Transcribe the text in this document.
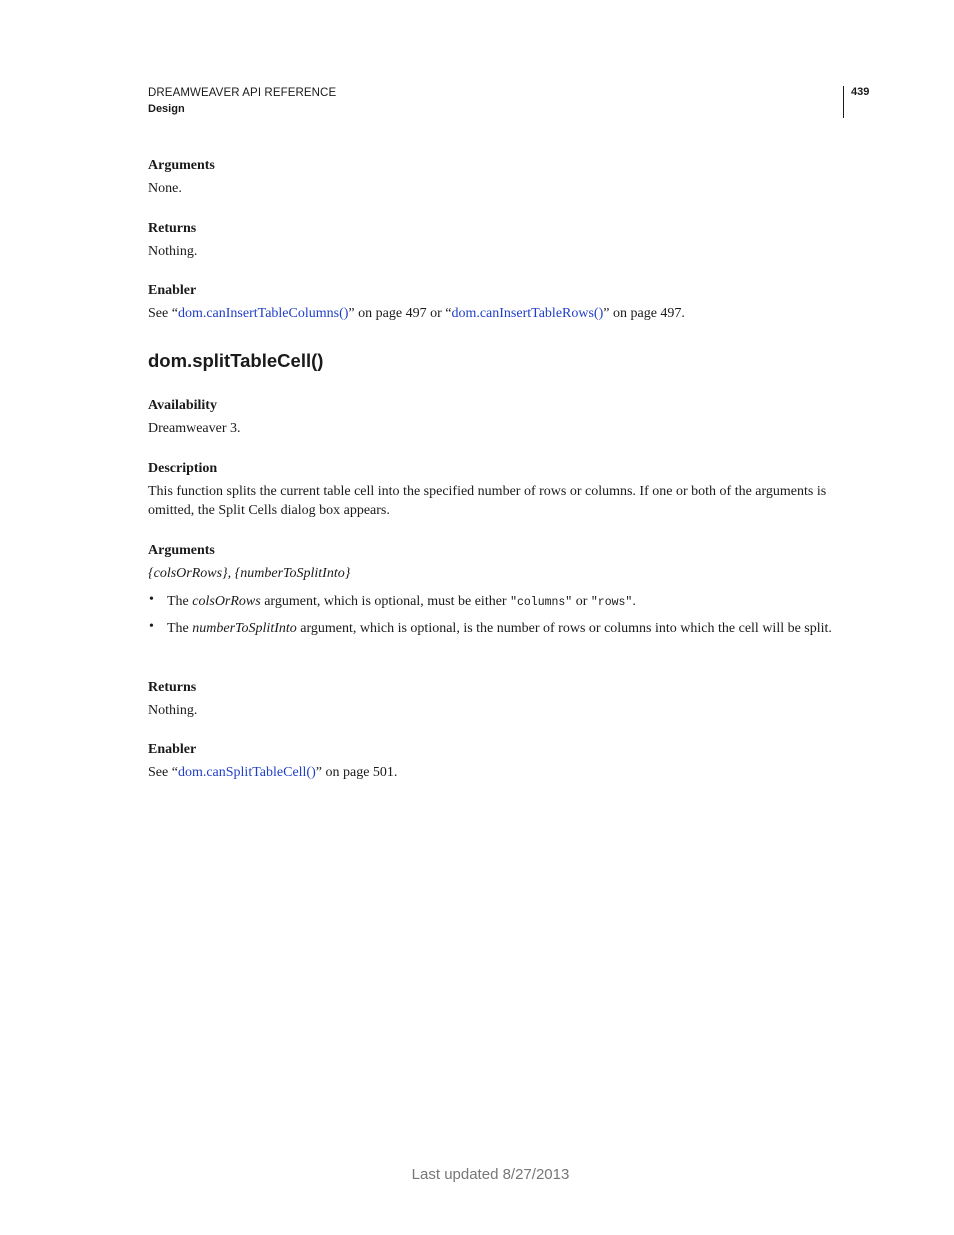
DREAMWEAVER API REFERENCE
Design
439
Arguments
None.
Returns
Nothing.
Enabler
See “dom.canInsertTableColumns()” on page 497 or “dom.canInsertTableRows()” on page 497.
dom.splitTableCell()
Availability
Dreamweaver 3.
Description
This function splits the current table cell into the specified number of rows or columns. If one or both of the arguments is omitted, the Split Cells dialog box appears.
Arguments
{colsOrRows}, {numberToSplitInto}
• The colsOrRows argument, which is optional, must be either "columns" or "rows".
• The numberToSplitInto argument, which is optional, is the number of rows or columns into which the cell will be split.
Returns
Nothing.
Enabler
See “dom.canSplitTableCell()” on page 501.
Last updated 8/27/2013
